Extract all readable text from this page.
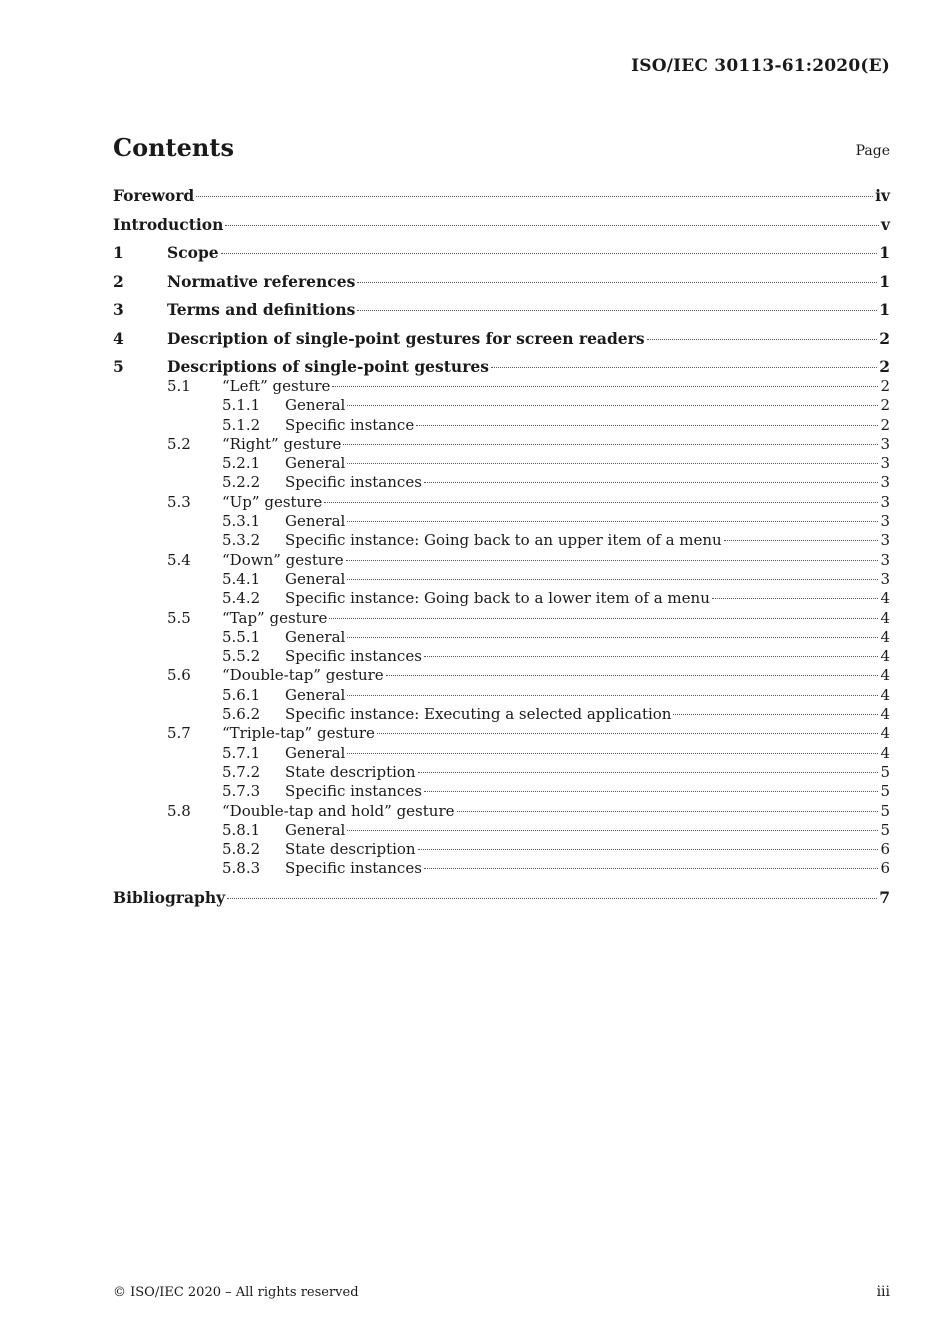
ISO/IEC 30113-61:2020(E)
Contents	Page
Foreword	iv
Introduction	v
1	Scope	1
2	Normative references	1
3	Terms and definitions	1
4	Description of single-point gestures for screen readers	2
5	Descriptions of single-point gestures	2
5.1	“Left” gesture	2
5.1.1	General	2
5.1.2	Specific instance	2
5.2	“Right” gesture	3
5.2.1	General	3
5.2.2	Specific instances	3
5.3	“Up” gesture	3
5.3.1	General	3
5.3.2	Specific instance: Going back to an upper item of a menu	3
5.4	“Down” gesture	3
5.4.1	General	3
5.4.2	Specific instance: Going back to a lower item of a menu	4
5.5	“Tap” gesture	4
5.5.1	General	4
5.5.2	Specific instances	4
5.6	“Double-tap” gesture	4
5.6.1	General	4
5.6.2	Specific instance: Executing a selected application	4
5.7	“Triple-tap” gesture	4
5.7.1	General	4
5.7.2	State description	5
5.7.3	Specific instances	5
5.8	“Double-tap and hold” gesture	5
5.8.1	General	5
5.8.2	State description	6
5.8.3	Specific instances	6
Bibliography	7
© ISO/IEC 2020 – All rights reserved	iii
